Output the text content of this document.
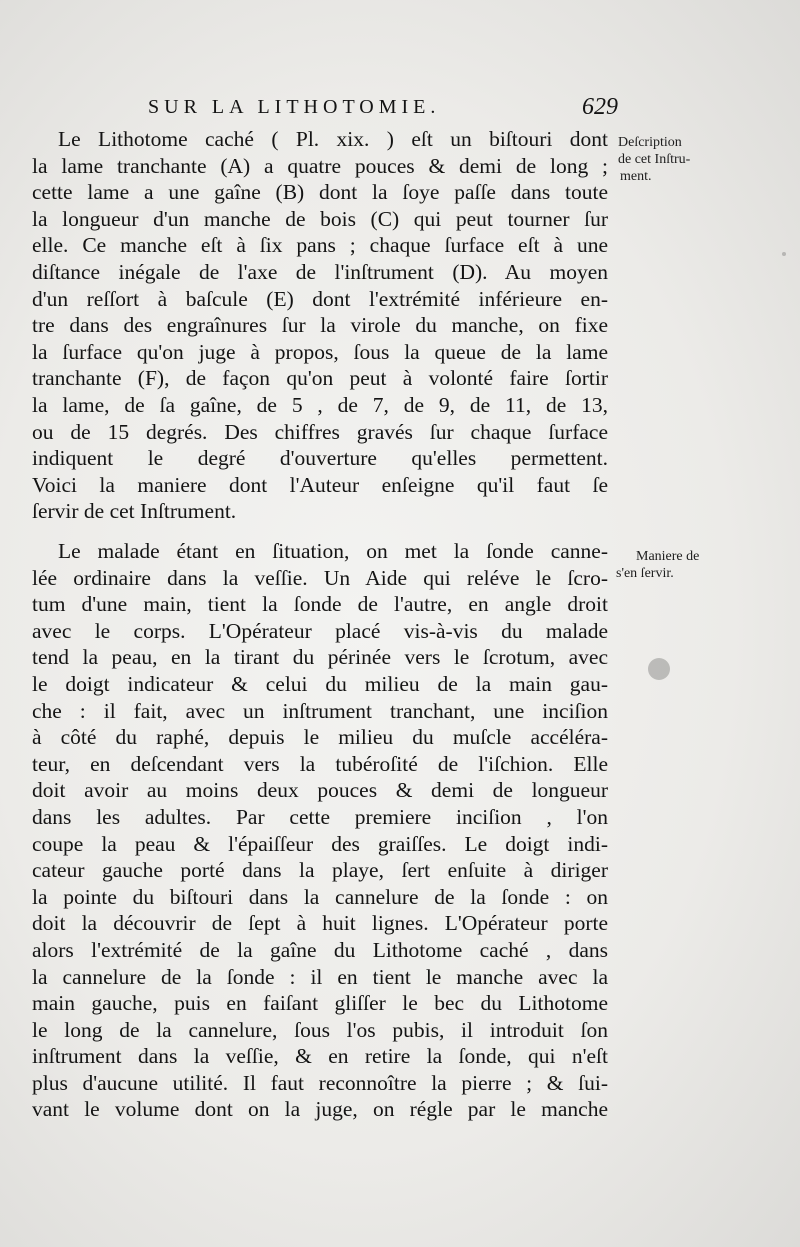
SUR LA LITHOTOMIE.	629
Le Lithotome caché ( Pl. xix. ) eſt un biſtouri dont
la lame tranchante (A) a quatre pouces & demi de long ;
cette lame a une gaîne (B) dont la ſoye paſſe dans toute
la longueur d'un manche de bois (C) qui peut tourner ſur
elle. Ce manche eſt à ſix pans ; chaque ſurface eſt à une
diſtance inégale de l'axe de l'inſtrument (D). Au moyen
d'un reſſort à baſcule (E) dont l'extrémité inférieure en-
tre dans des engraînures ſur la virole du manche, on fixe
la ſurface qu'on juge à propos, ſous la queue de la lame
tranchante (F), de façon qu'on peut à volonté faire ſortir
la lame, de ſa gaîne, de 5 , de 7, de 9, de 11, de 13,
ou de 15 degrés. Des chiffres gravés ſur chaque ſurface
indiquent le degré d'ouverture qu'elles permettent.
Voici la maniere dont l'Auteur enſeigne qu'il faut ſe
ſervir de cet Inſtrument.
Le malade étant en ſituation, on met la ſonde canne-
lée ordinaire dans la veſſie. Un Aide qui reléve le ſcro-
tum d'une main, tient la ſonde de l'autre, en angle droit
avec le corps. L'Opérateur placé vis-à-vis du malade
tend la peau, en la tirant du périnée vers le ſcrotum, avec
le doigt indicateur & celui du milieu de la main gau-
che : il fait, avec un inſtrument tranchant, une inciſion
à côté du raphé, depuis le milieu du muſcle accéléra-
teur, en deſcendant vers la tubéroſité de l'iſchion. Elle
doit avoir au moins deux pouces & demi de longueur
dans les adultes. Par cette premiere inciſion , l'on
coupe la peau & l'épaiſſeur des graiſſes. Le doigt indi-
cateur gauche porté dans la playe, ſert enſuite à diriger
la pointe du biſtouri dans la cannelure de la ſonde : on
doit la découvrir de ſept à huit lignes. L'Opérateur porte
alors l'extrémité de la gaîne du Lithotome caché , dans
la cannelure de la ſonde : il en tient le manche avec la
main gauche, puis en faiſant gliſſer le bec du Lithotome
le long de la cannelure, ſous l'os pubis, il introduit ſon
inſtrument dans la veſſie, & en retire la ſonde, qui n'eſt
plus d'aucune utilité. Il faut reconnoître la pierre ; & ſui-
vant le volume dont on la juge, on régle par le manche
Deſcription
de cet Inſtru-
ment.
Maniere de
s'en ſervir.
